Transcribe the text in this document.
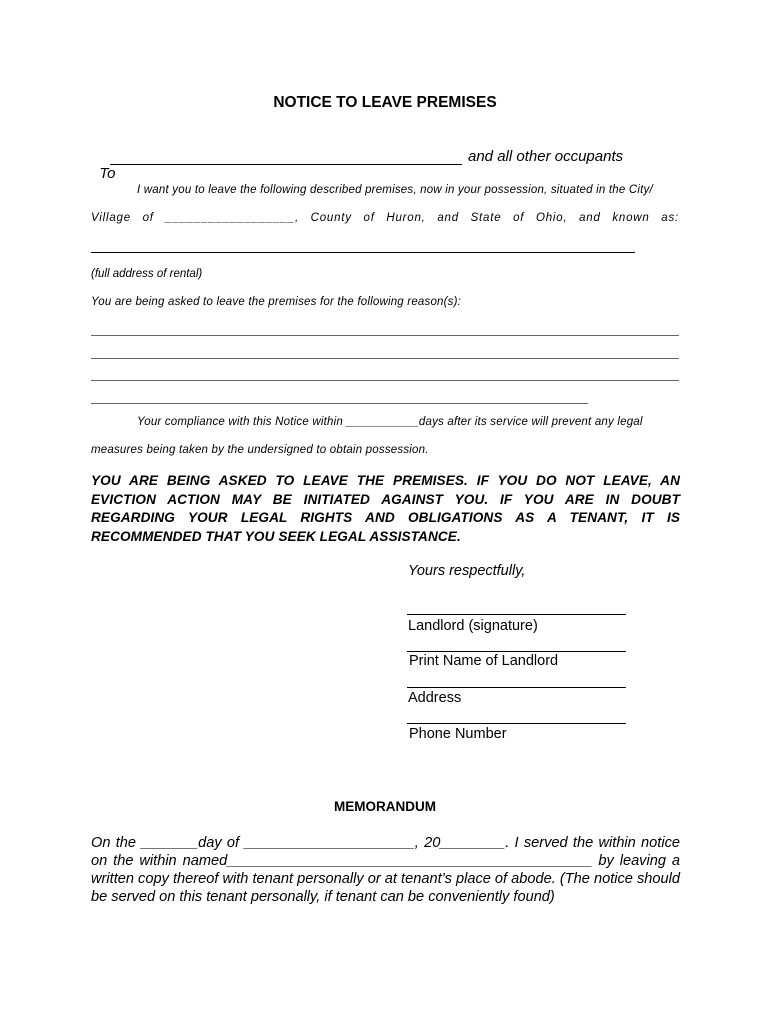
NOTICE TO LEAVE PREMISES

To

and all other occupants
I want you to leave the following described premises, now in your possession, situated in the City/
Village of __________________, County of Huron, and State of Ohio, and known as:
(full address of rental)
You are being asked to leave the premises for the following reason(s):
Your compliance with this Notice within ___________days after its service will prevent any legal
measures being taken by the undersigned to obtain possession.
YOU ARE BEING ASKED TO LEAVE THE PREMISES. IF YOU DO NOT LEAVE, AN EVICTION ACTION MAY BE INITIATED AGAINST YOU. IF YOU ARE IN DOUBT REGARDING YOUR LEGAL RIGHTS AND OBLIGATIONS AS A TENANT, IT IS RECOMMENDED THAT YOU SEEK LEGAL ASSISTANCE.
Yours respectfully,
Landlord (signature)
Print Name of Landlord
Address
Phone Number
MEMORANDUM
On the _______day of _____________________, 20________. I served the within notice on the within named_____________________________________________ by leaving a written copy thereof with tenant personally or at tenant’s place of abode. (The notice should be served on this tenant personally, if tenant can be conveniently found)
